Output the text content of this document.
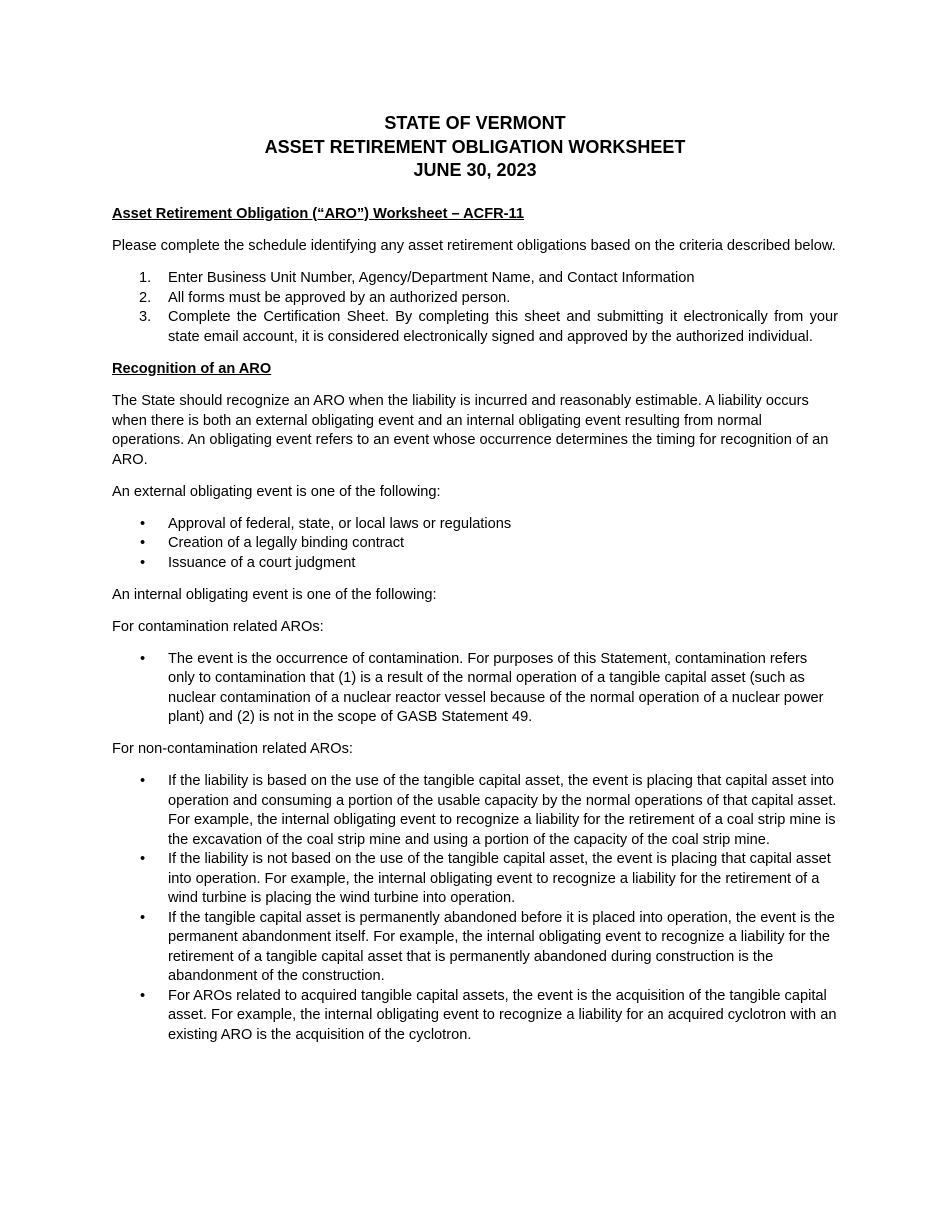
STATE OF VERMONT
ASSET RETIREMENT OBLIGATION WORKSHEET
JUNE 30, 2023
Asset Retirement Obligation (“ARO”) Worksheet – ACFR-11

Please complete the schedule identifying any asset retirement obligations based on the criteria described below.

1.	Enter Business Unit Number, Agency/Department Name, and Contact Information
2.	All forms must be approved by an authorized person.
3.	Complete the Certification Sheet. By completing this sheet and submitting it electronically from your state email account, it is considered electronically signed and approved by the authorized individual.
Recognition of an ARO

The State should recognize an ARO when the liability is incurred and reasonably estimable. A liability occurs when there is both an external obligating event and an internal obligating event resulting from normal operations. An obligating event refers to an event whose occurrence determines the timing for recognition of an ARO.

An external obligating event is one of the following:

•	Approval of federal, state, or local laws or regulations
•	Creation of a legally binding contract
•	Issuance of a court judgment

An internal obligating event is one of the following:

For contamination related AROs:

•	The event is the occurrence of contamination. For purposes of this Statement, contamination refers only to contamination that (1) is a result of the normal operation of a tangible capital asset (such as nuclear contamination of a nuclear reactor vessel because of the normal operation of a nuclear power plant) and (2) is not in the scope of GASB Statement 49.

For non-contamination related AROs:

•	If the liability is based on the use of the tangible capital asset, the event is placing that capital asset into operation and consuming a portion of the usable capacity by the normal operations of that capital asset. For example, the internal obligating event to recognize a liability for the retirement of a coal strip mine is the excavation of the coal strip mine and using a portion of the capacity of the coal strip mine.
•	If the liability is not based on the use of the tangible capital asset, the event is placing that capital asset into operation. For example, the internal obligating event to recognize a liability for the retirement of a wind turbine is placing the wind turbine into operation.
•	If the tangible capital asset is permanently abandoned before it is placed into operation, the event is the permanent abandonment itself. For example, the internal obligating event to recognize a liability for the retirement of a tangible capital asset that is permanently abandoned during construction is the abandonment of the construction.
•	For AROs related to acquired tangible capital assets, the event is the acquisition of the tangible capital asset. For example, the internal obligating event to recognize a liability for an acquired cyclotron with an existing ARO is the acquisition of the cyclotron.
